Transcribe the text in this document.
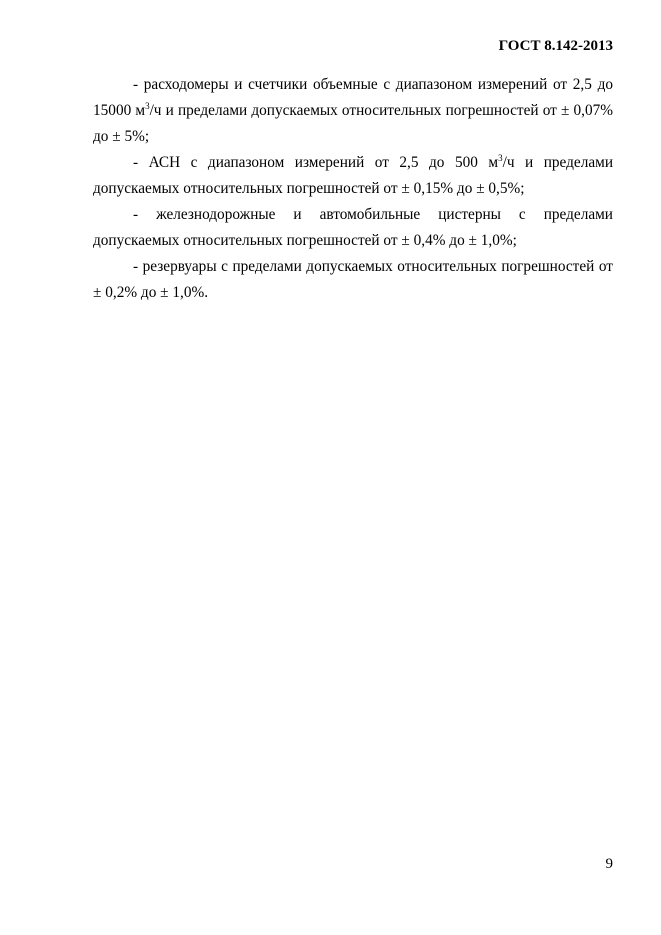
ГОСТ 8.142-2013

- расходомеры и счетчики объемные с диапазоном измерений от 2,5 до 15000 $м^3/ч$ и пределами допускаемых относительных погрешностей от ± 0,07% до ± 5%;

- АСН с диапазоном измерений от 2,5 до 500 $м^3/ч$ и пределами допускаемых относительных погрешностей от ± 0,15% до ± 0,5%;

- железнодорожные и автомобильные цистерны с пределами допускаемых относительных погрешностей от ± 0,4% до ± 1,0%;

- резервуары с пределами допускаемых относительных погрешностей от ± 0,2% до ± 1,0%.

9
